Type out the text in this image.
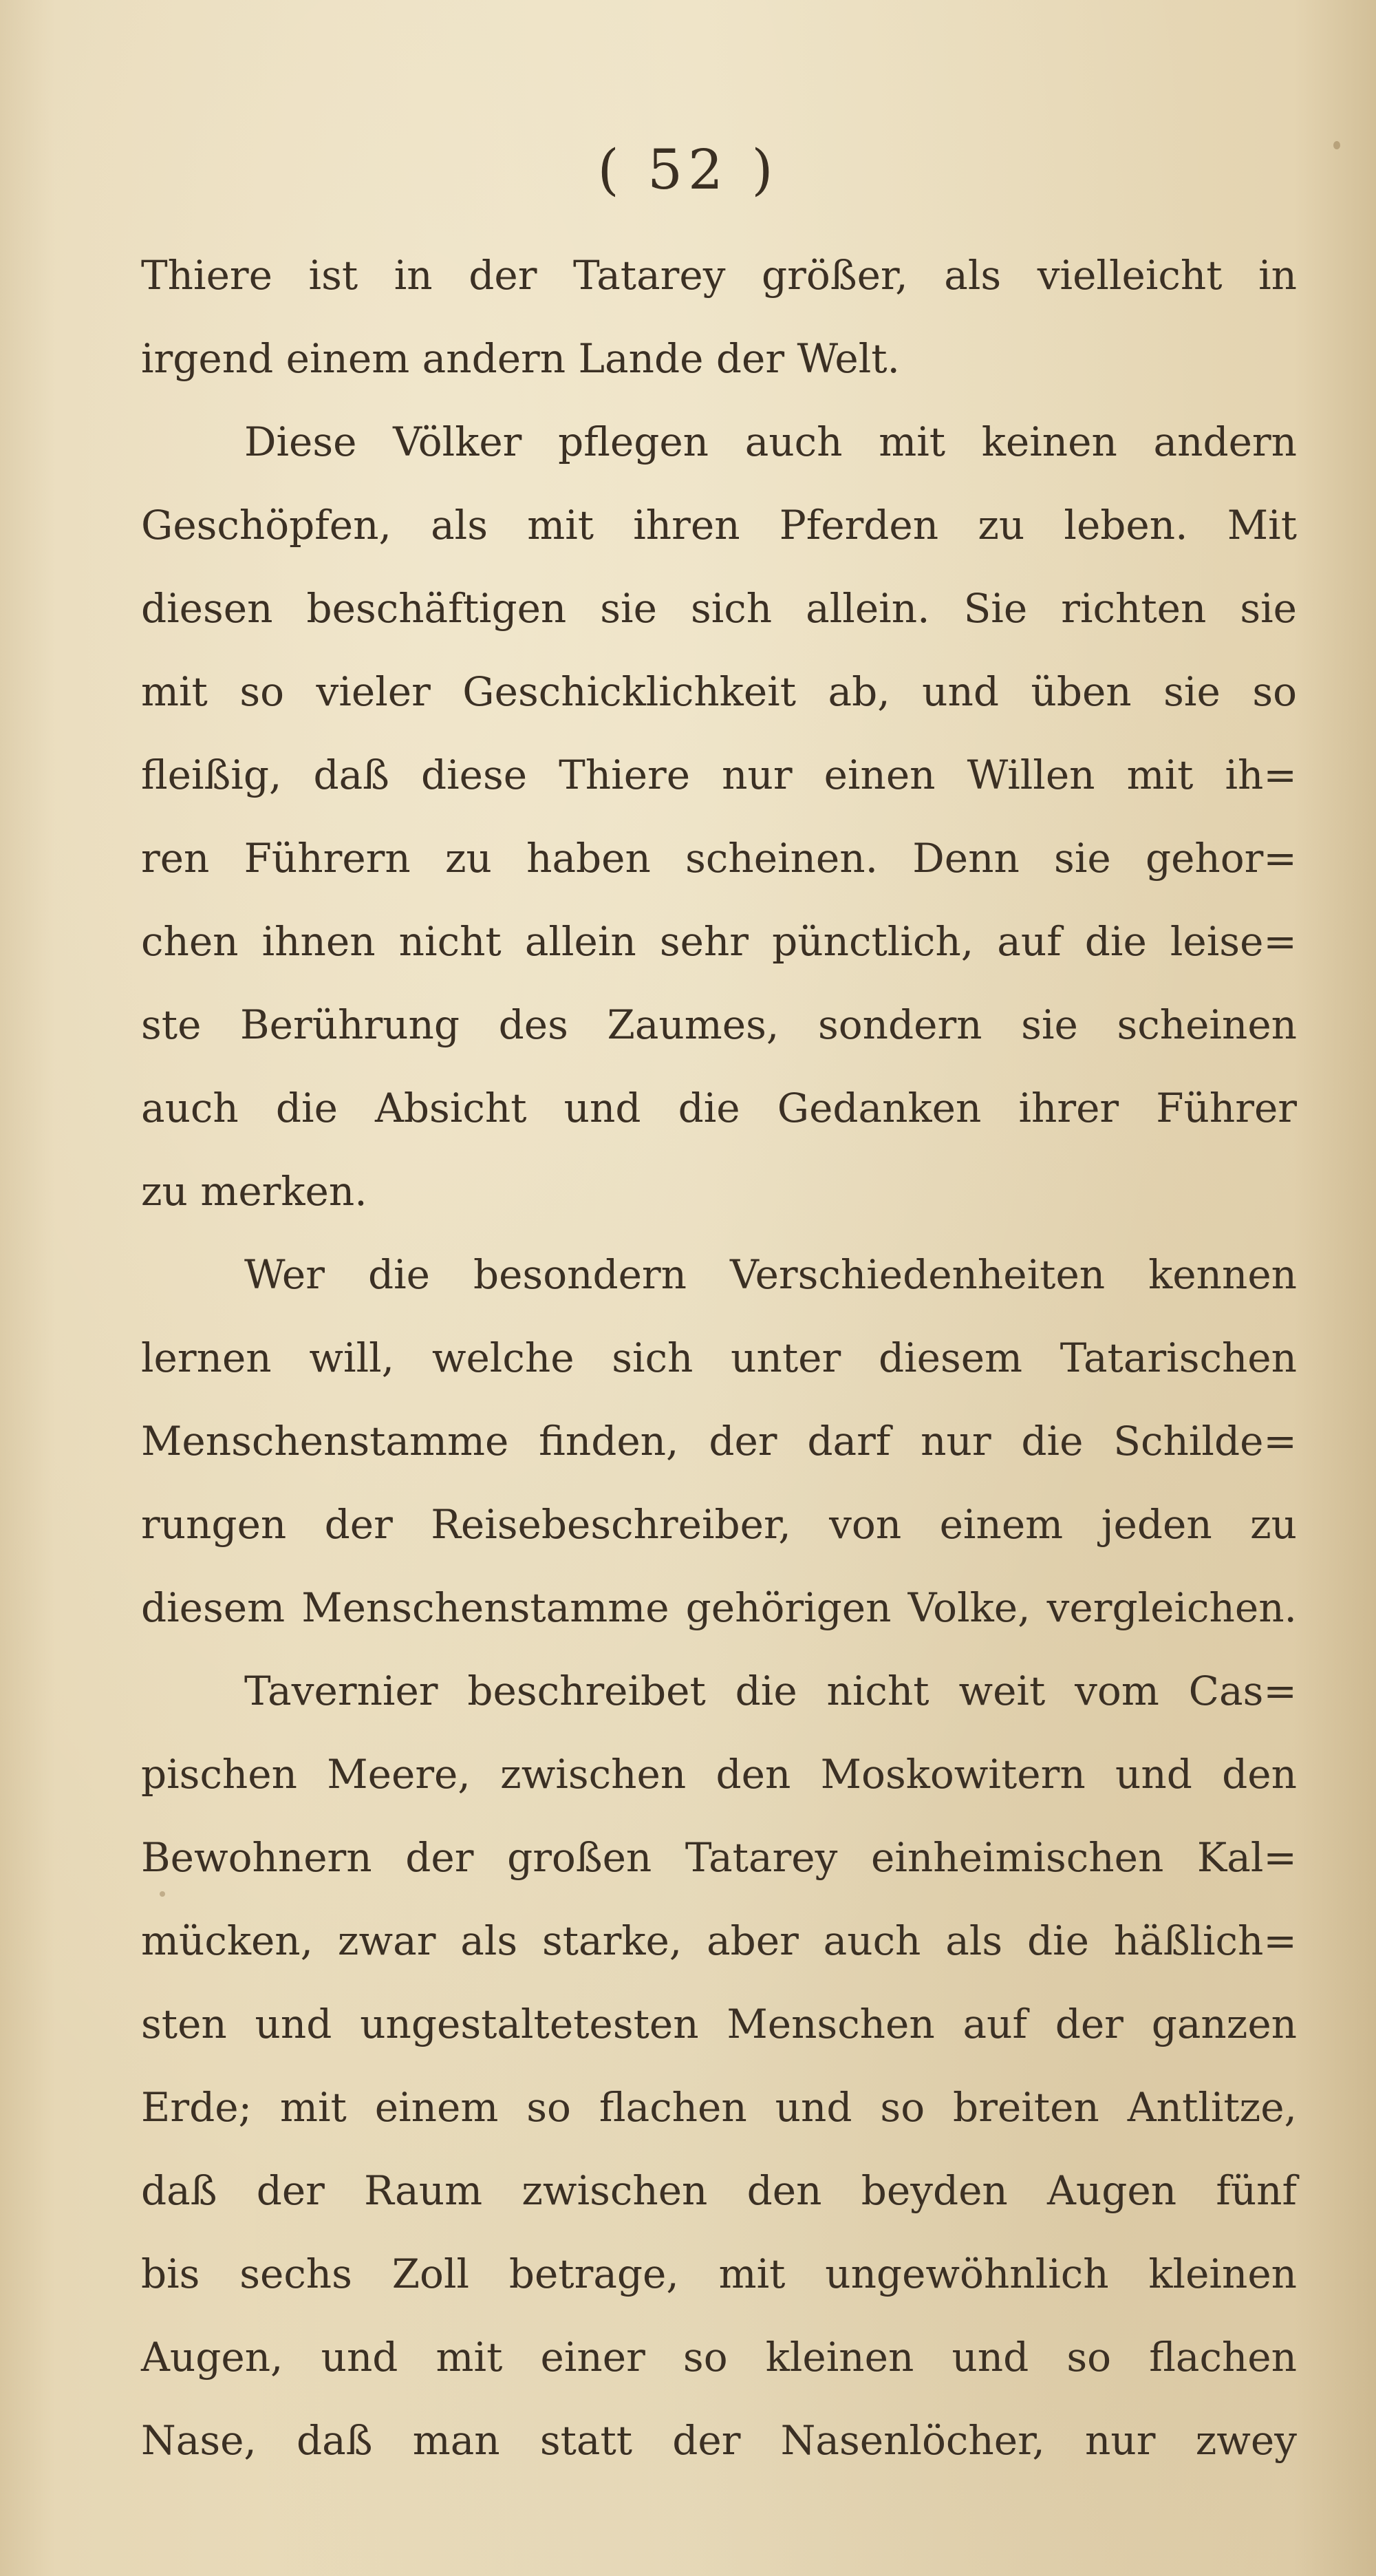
( 52 )
Thiere ist in der Tatarey größer, als vielleicht in
irgend einem andern Lande der Welt.
Diese Völker pflegen auch mit keinen andern
Geschöpfen, als mit ihren Pferden zu leben. Mit
diesen beschäftigen sie sich allein. Sie richten sie
mit so vieler Geschicklichkeit ab, und üben sie so
fleißig, daß diese Thiere nur einen Willen mit ih=
ren Führern zu haben scheinen. Denn sie gehor=
chen ihnen nicht allein sehr pünctlich, auf die leise=
ste Berührung des Zaumes, sondern sie scheinen
auch die Absicht und die Gedanken ihrer Führer
zu merken.
Wer die besondern Verschiedenheiten kennen
lernen will, welche sich unter diesem Tatarischen
Menschenstamme finden, der darf nur die Schilde=
rungen der Reisebeschreiber, von einem jeden zu
diesem Menschenstamme gehörigen Volke, vergleichen.
Tavernier beschreibet die nicht weit vom Cas=
pischen Meere, zwischen den Moskowitern und den
Bewohnern der großen Tatarey einheimischen Kal=
mücken, zwar als starke, aber auch als die häßlich=
sten und ungestaltetesten Menschen auf der ganzen
Erde; mit einem so flachen und so breiten Antlitze,
daß der Raum zwischen den beyden Augen fünf
bis sechs Zoll betrage, mit ungewöhnlich kleinen
Augen, und mit einer so kleinen und so flachen
Nase, daß man statt der Nasenlöcher, nur zwey
